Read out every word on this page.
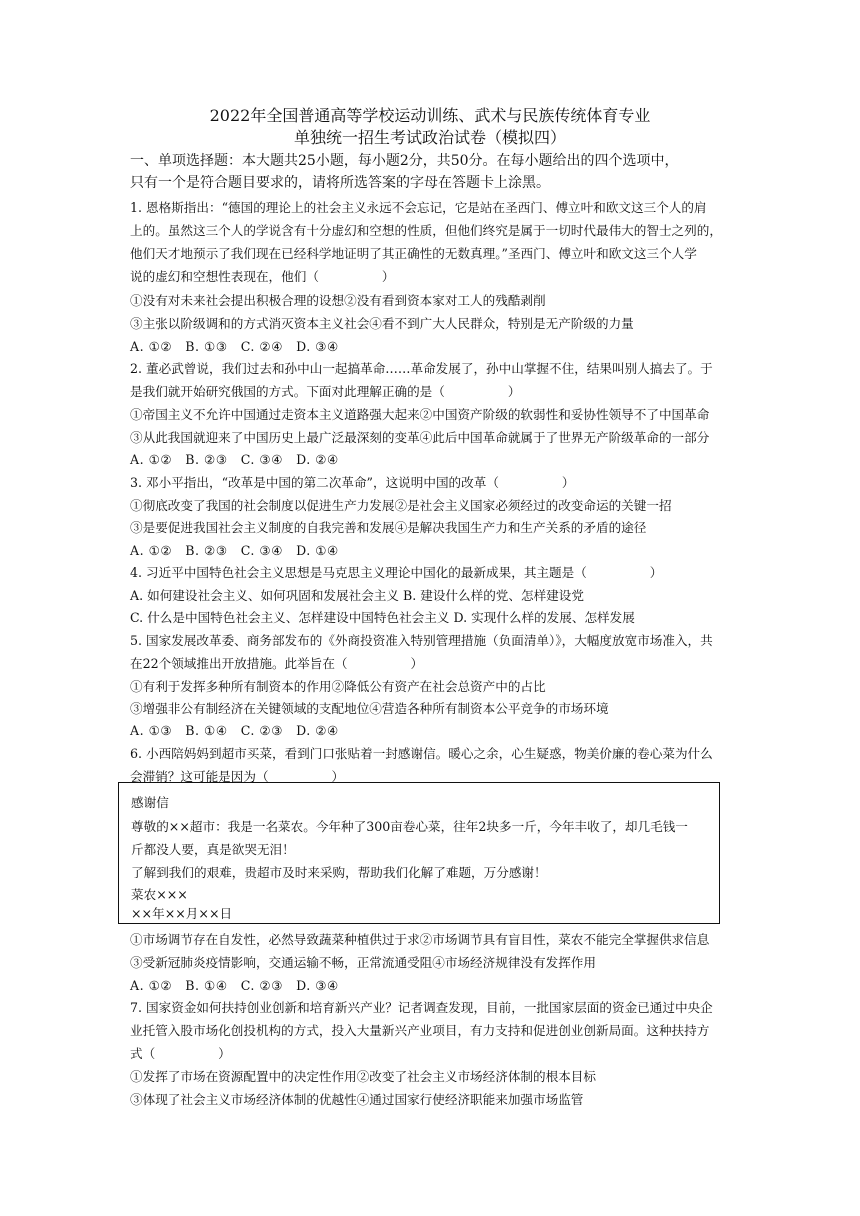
2022年全国普通高等学校运动训练、武术与民族传统体育专业
单独统一招生考试政治试卷（模拟四）
一、单项选择题：本大题共25小题，每小题2分，共50分。在每小题给出的四个选项中，
只有一个是符合题目要求的，请将所选答案的字母在答题卡上涂黑。
1. 恩格斯指出：“德国的理论上的社会主义永远不会忘记，它是站在圣西门、傅立叶和欧文这三个人的肩
上的。虽然这三个人的学说含有十分虚幻和空想的性质，但他们终究是属于一切时代最伟大的智士之列的，
他们天才地预示了我们现在已经科学地证明了其正确性的无数真理。”圣西门、傅立叶和欧文这三个人学
说的虚幻和空想性表现在，他们（　　　　　）
①没有对未来社会提出积极合理的设想②没有看到资本家对工人的残酷剥削
③主张以阶级调和的方式消灭资本主义社会④看不到广大人民群众，特别是无产阶级的力量
A. ①②　B. ①③　C. ②④　D. ③④
2. 董必武曾说，我们过去和孙中山一起搞革命……革命发展了，孙中山掌握不住，结果叫别人搞去了。于
是我们就开始研究俄国的方式。下面对此理解正确的是（　　　　　）
①帝国主义不允许中国通过走资本主义道路强大起来②中国资产阶级的软弱性和妥协性领导不了中国革命
③从此我国就迎来了中国历史上最广泛最深刻的变革④此后中国革命就属于了世界无产阶级革命的一部分
A. ①②　B. ②③　C. ③④　D. ②④
3. 邓小平指出，“改革是中国的第二次革命”，这说明中国的改革（　　　　　）
①彻底改变了我国的社会制度以促进生产力发展②是社会主义国家必须经过的改变命运的关键一招
③是要促进我国社会主义制度的自我完善和发展④是解决我国生产力和生产关系的矛盾的途径
A. ①②　B. ②③　C. ③④　D. ①④
4. 习近平中国特色社会主义思想是马克思主义理论中国化的最新成果，其主题是（　　　　　）
A. 如何建设社会主义、如何巩固和发展社会主义 B. 建设什么样的党、怎样建设党
C. 什么是中国特色社会主义、怎样建设中国特色社会主义 D. 实现什么样的发展、怎样发展
5. 国家发展改革委、商务部发布的《外商投资准入特别管理措施（负面清单）》，大幅度放宽市场准入，共
在22个领域推出开放措施。此举旨在（　　　　　）
①有利于发挥多种所有制资本的作用②降低公有资产在社会总资产中的占比
③增强非公有制经济在关键领域的支配地位④营造各种所有制资本公平竞争的市场环境
A. ①③　B. ①④　C. ②③　D. ②④
6. 小西陪妈妈到超市买菜，看到门口张贴着一封感谢信。暖心之余，心生疑惑，物美价廉的卷心菜为什么
会滞销？这可能是因为（　　　　　）
感谢信
尊敬的××超市：我是一名菜农。今年种了300亩卷心菜，往年2块多一斤，今年丰收了，却几毛钱一
斤都没人要，真是欲哭无泪！
了解到我们的艰难，贵超市及时来采购，帮助我们化解了难题，万分感谢！
菜农×××
××年××月××日
①市场调节存在自发性，必然导致蔬菜种植供过于求②市场调节具有盲目性，菜农不能完全掌握供求信息
③受新冠肺炎疫情影响，交通运输不畅，正常流通受阻④市场经济规律没有发挥作用
A. ①②　B. ①④　C. ②③　D. ③④
7. 国家资金如何扶持创业创新和培育新兴产业？记者调查发现，目前，一批国家层面的资金已通过中央企
业托管入股市场化创投机构的方式，投入大量新兴产业项目，有力支持和促进创业创新局面。这种扶持方
式（　　　　　）
①发挥了市场在资源配置中的决定性作用②改变了社会主义市场经济体制的根本目标
③体现了社会主义市场经济体制的优越性④通过国家行使经济职能来加强市场监管
